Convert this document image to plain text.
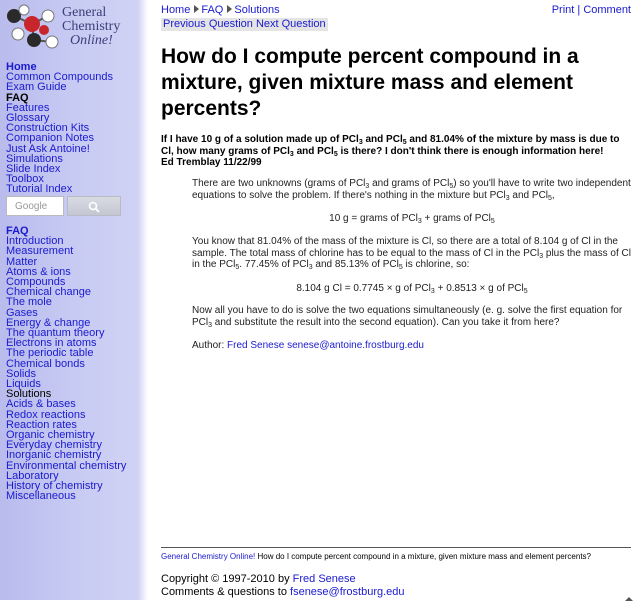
General
Chemistry
Online!
Home
Common Compounds
Exam Guide
FAQ
Features
Glossary
Construction Kits
Companion Notes
Just Ask Antoine!
Simulations
Slide Index
Toolbox
Tutorial Index
Google
FAQ
Introduction
Measurement
Matter
Atoms & ions
Compounds
Chemical change
The mole
Gases
Energy & change
The quantum theory
Electrons in atoms
The periodic table
Chemical bonds
Solids
Liquids
Solutions
Acids & bases
Redox reactions
Reaction rates
Organic chemistry
Everyday chemistry
Inorganic chemistry
Environmental chemistry
Laboratory
History of chemistry
Miscellaneous
Home FAQ Solutions
Previous Question Next Question
Print | Comment
How do I compute percent compound in a mixture, given mixture mass and element percents?
If I have 10 g of a solution made up of PCl$_3$ and PCl$_5$ and 81.04% of the mixture by mass is due to Cl, how many grams of PCl$_3$ and PCl$_5$ is there? I don't think there is enough information here!
Ed Tremblay 11/22/99
There are two unknowns (grams of PCl$_3$ and grams of PCl$_5$) so you'll have to write two independent equations to solve the problem. If there's nothing in the mixture but PCl$_3$ and PCl$_5$,
10 g = grams of PCl$_3$ + grams of PCl$_5$
You know that 81.04% of the mass of the mixture is Cl, so there are a total of 8.104 g of Cl in the sample. The total mass of chlorine has to be equal to the mass of Cl in the PCl$_3$ plus the mass of Cl in the PCl$_5$. 77.45% of PCl$_3$ and 85.13% of PCl$_5$ is chlorine, so:
8.104 g Cl = 0.7745 × g of PCl$_3$ + 0.8513 × g of PCl$_5$
Now all you have to do is solve the two equations simultaneously (e. g. solve the first equation for PCl$_3$ and substitute the result into the second equation). Can you take it from here?
Author: Fred Senese senese@antoine.frostburg.edu
General Chemistry Online! How do I compute percent compound in a mixture, given mixture mass and element percents?
Copyright © 1997-2010 by Fred Senese
Comments & questions to fsenese@frostburg.edu
